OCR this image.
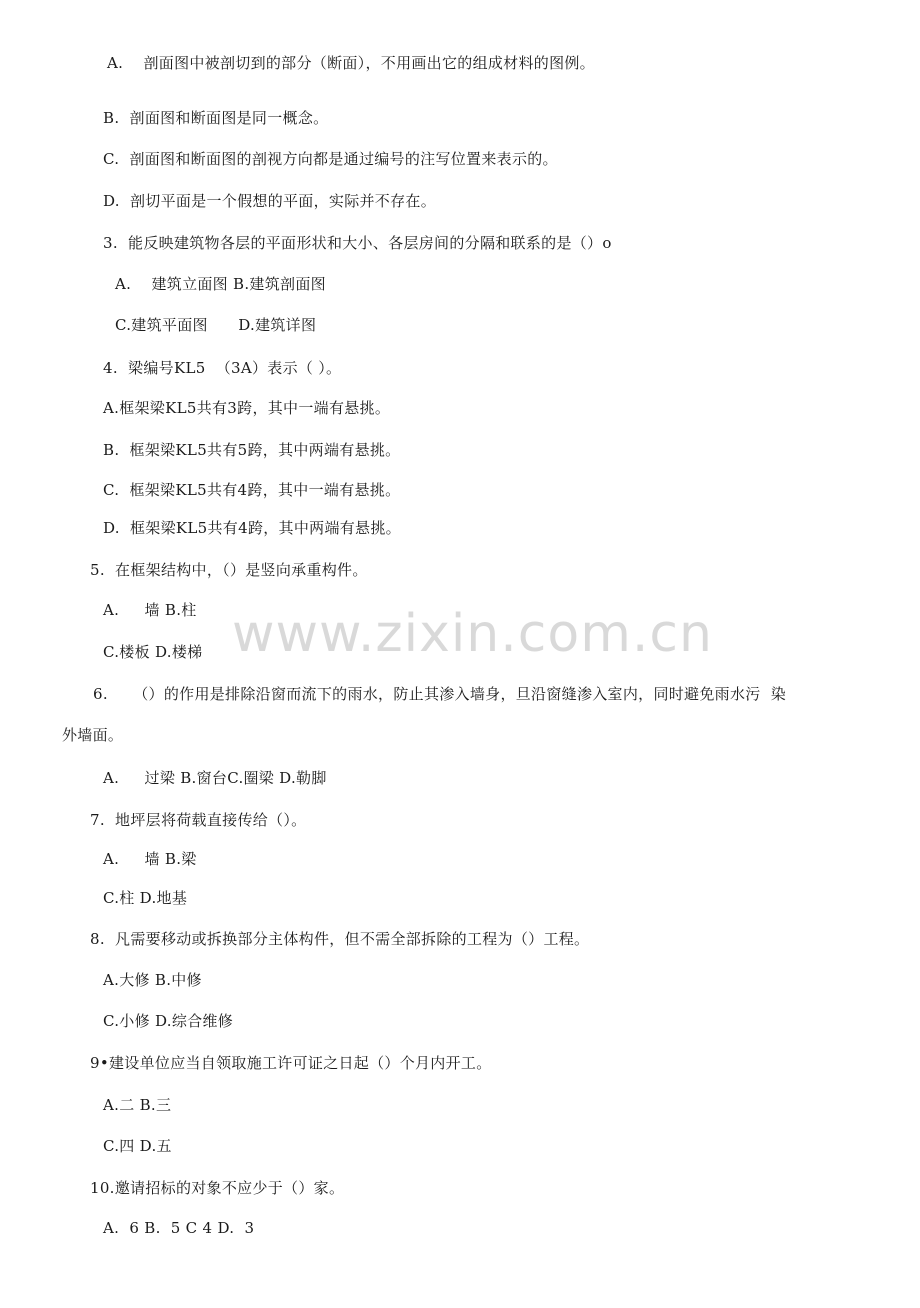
A.    剖面图中被剖切到的部分（断面），不用画出它的组成材料的图例。
B.  剖面图和断面图是同一概念。
C.  剖面图和断面图的剖视方向都是通过编号的注写位置来表示的。
D.  剖切平面是一个假想的平面，实际并不存在。
3.  能反映建筑物各层的平面形状和大小、各层房间的分隔和联系的是（）o
A.    建筑立面图 B.建筑剖面图
C.建筑平面图      D.建筑详图
4.  梁编号KL5  （3A）表示（ ）。
A.框架梁KL5共有3跨，其中一端有悬挑。
B.  框架梁KL5共有5跨，其中两端有悬挑。
C.  框架梁KL5共有4跨，其中一端有悬挑。
D.  框架梁KL5共有4跨，其中两端有悬挑。
5.  在框架结构中，（）是竖向承重构件。
A.     墙 B.柱
C.楼板 D.楼梯
6.     （）的作用是排除沿窗而流下的雨水，防止其渗入墙身，旦沿窗缝渗入室内，同时避免雨水污  染
外墙面。
A.     过梁 B.窗台C.圈梁 D.勒脚
7.  地坪层将荷载直接传给（）。
A.     墙 B.梁
C.柱 D.地基
8.  凡需要移动或拆换部分主体构件，但不需全部拆除的工程为（）工程。
A.大修 B.中修
C.小修 D.综合维修
9•建设单位应当自领取施工许可证之日起（）个月内开工。
A.二 B.三
C.四 D.五
10.邀请招标的对象不应少于（）家。
A.  6 B.  5 C 4 D.  3
www.zixin.com.cn
